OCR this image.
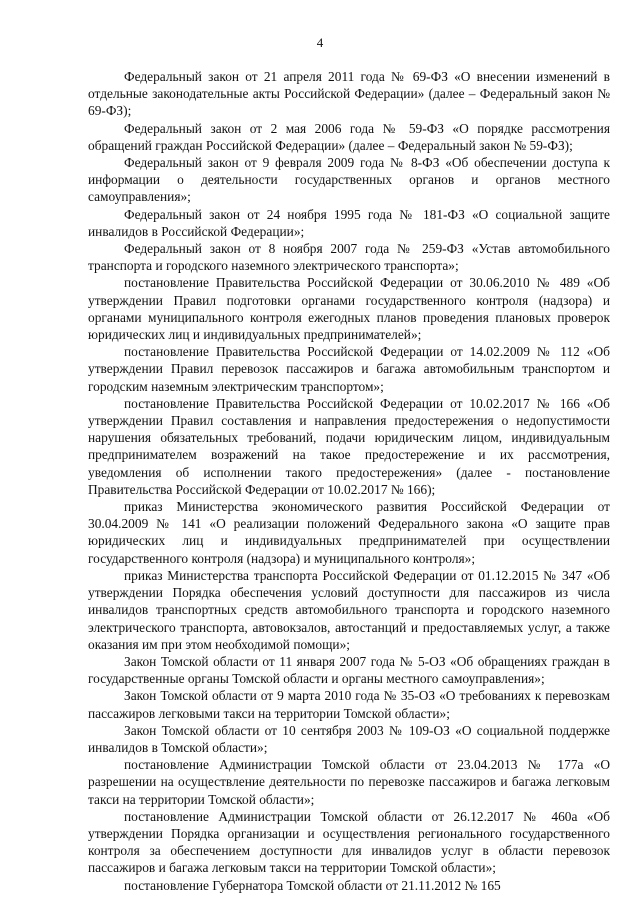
4

Федеральный закон от 21 апреля 2011 года № 69-ФЗ «О внесении изменений в отдельные законодательные акты Российской Федерации» (далее – Федеральный закон № 69-ФЗ);

Федеральный закон от 2 мая 2006 года № 59-ФЗ «О порядке рассмотрения обращений граждан Российской Федерации» (далее – Федеральный закон № 59-ФЗ);

Федеральный закон от 9 февраля 2009 года № 8-ФЗ «Об обеспечении доступа к информации о деятельности государственных органов и органов местного самоуправления»;

Федеральный закон от 24 ноября 1995 года № 181-ФЗ «О социальной защите инвалидов в Российской Федерации»;

Федеральный закон от 8 ноября 2007 года № 259-ФЗ «Устав автомобильного транспорта и городского наземного электрического транспорта»;

постановление Правительства Российской Федерации от 30.06.2010 № 489 «Об утверждении Правил подготовки органами государственного контроля (надзора) и органами муниципального контроля ежегодных планов проведения плановых проверок юридических лиц и индивидуальных предпринимателей»;

постановление Правительства Российской Федерации от 14.02.2009 № 112 «Об утверждении Правил перевозок пассажиров и багажа автомобильным транспортом и городским наземным электрическим транспортом»;

постановление Правительства Российской Федерации от 10.02.2017 № 166 «Об утверждении Правил составления и направления предостережения о недопустимости нарушения обязательных требований, подачи юридическим лицом, индивидуальным предпринимателем возражений на такое предостережение и их рассмотрения, уведомления об исполнении такого предостережения» (далее - постановление Правительства Российской Федерации от 10.02.2017 № 166);

приказ Министерства экономического развития Российской Федерации от 30.04.2009 № 141 «О реализации положений Федерального закона «О защите прав юридических лиц и индивидуальных предпринимателей при осуществлении государственного контроля (надзора) и муниципального контроля»;

приказ Министерства транспорта Российской Федерации от 01.12.2015 № 347 «Об утверждении Порядка обеспечения условий доступности для пассажиров из числа инвалидов транспортных средств автомобильного транспорта и городского наземного электрического транспорта, автовокзалов, автостанций и предоставляемых услуг, а также оказания им при этом необходимой помощи»;

Закон Томской области от 11 января 2007 года № 5-ОЗ «Об обращениях граждан в государственные органы Томской области и органы местного самоуправления»;

Закон Томской области от 9 марта 2010 года № 35-ОЗ «О требованиях к перевозкам пассажиров легковыми такси на территории Томской области»;

Закон Томской области от 10 сентября 2003 № 109-ОЗ «О социальной поддержке инвалидов в Томской области»;

постановление Администрации Томской области от 23.04.2013 № 177а «О разрешении на осуществление деятельности по перевозке пассажиров и багажа легковым такси на территории Томской области»;

постановление Администрации Томской области от 26.12.2017 № 460а «Об утверждении Порядка организации и осуществления регионального государственного контроля за обеспечением доступности для инвалидов услуг в области перевозок пассажиров и багажа легковым такси на территории Томской области»;

постановление Губернатора Томской области от 21.11.2012 № 165
